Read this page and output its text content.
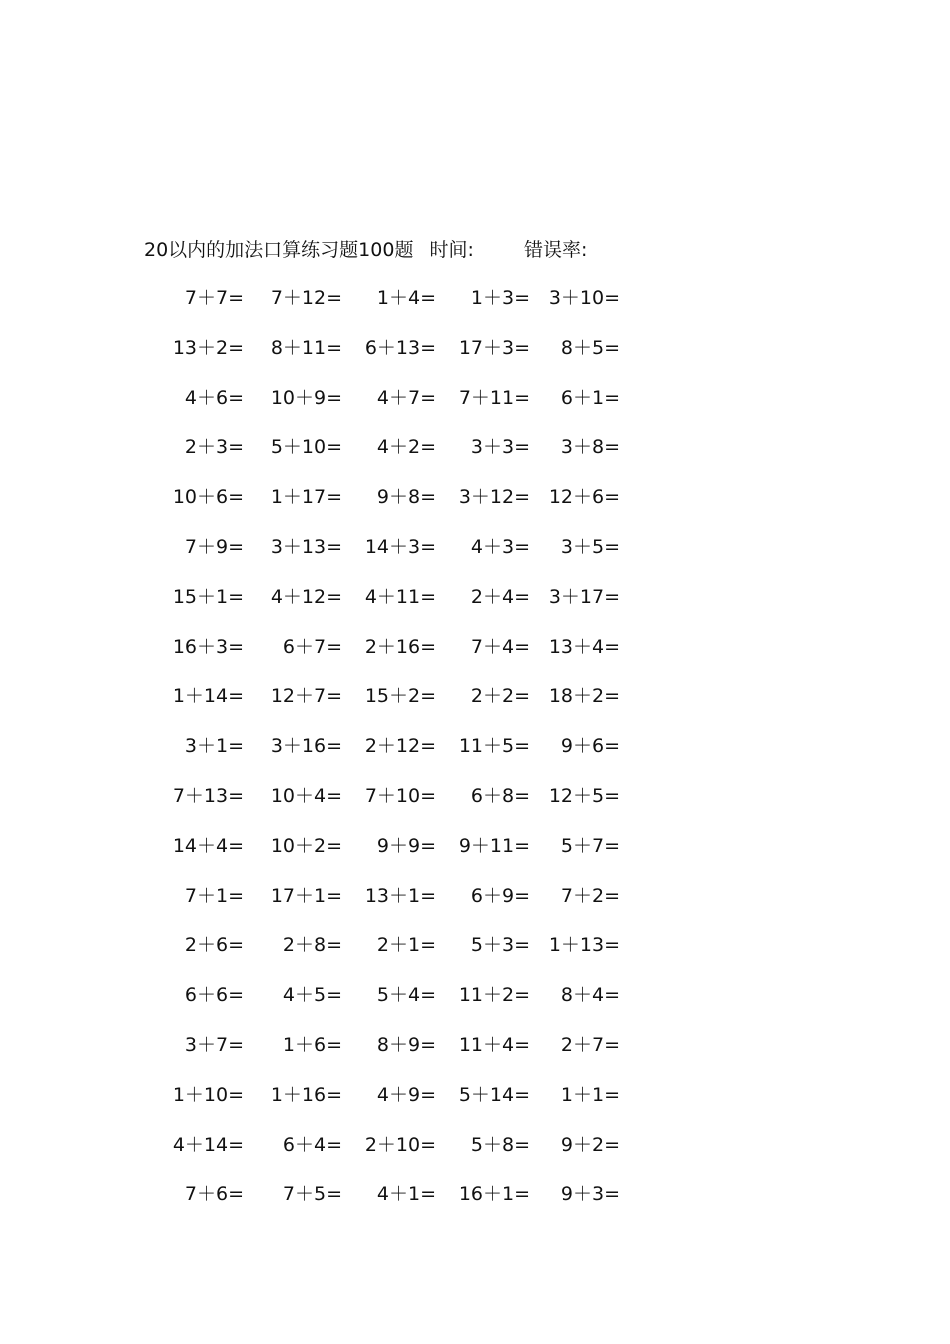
20以内的加法口算练习题100题 时间:	错误率:
7＋7=	7＋12=	1＋4=	1＋3= 3＋10=
13＋2=	8＋11=	6＋13=	17＋3=	8＋5=
4＋6=	10＋9=	4＋7=	7＋11=	6＋1=
2＋3=	5＋10=	4＋2=	3＋3=	3＋8=
10＋6=	1＋17=	9＋8=	3＋12= 12＋6=
7＋9=	3＋13=	14＋3=	4＋3=	3＋5=
15＋1=	4＋12=	4＋11=	2＋4= 3＋17=
16＋3=	6＋7=	2＋16=	7＋4= 13＋4=
1＋14=	12＋7=	15＋2=	2＋2= 18＋2=
3＋1=	3＋16=	2＋12=	11＋5=	9＋6=
7＋13=	10＋4=	7＋10=	6＋8= 12＋5=
14＋4=	10＋2=	9＋9=	9＋11=	5＋7=
7＋1=	17＋1=	13＋1=	6＋9=	7＋2=
2＋6=	2＋8=	2＋1=	5＋3= 1＋13=
6＋6=	4＋5=	5＋4=	11＋2=	8＋4=
3＋7=	1＋6=	8＋9=	11＋4=	2＋7=
1＋10=	1＋16=	4＋9=	5＋14=	1＋1=
4＋14=	6＋4=	2＋10=	5＋8=	9＋2=
7＋6=	7＋5=	4＋1=	16＋1=	9＋3=
